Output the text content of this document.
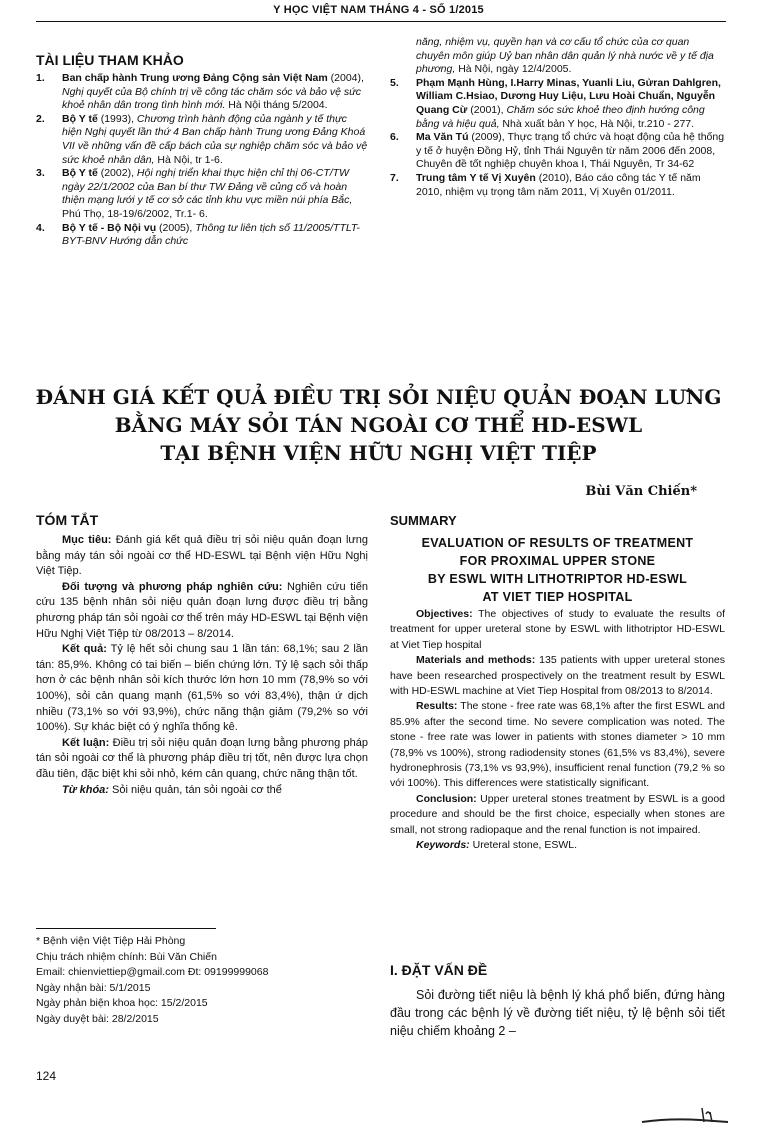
Y HỌC VIỆT NAM THÁNG 4 - SỐ 1/2015
TÀI LIỆU THAM KHẢO
1.	Ban chấp hành Trung ương Đảng Cộng sản Việt Nam (2004), Nghị quyết của Bộ chính trị về công tác chăm sóc và bảo vệ sức khoẻ nhân dân trong tình hình mới. Hà Nội tháng 5/2004.
2.	Bộ Y tế (1993), Chương trình hành động của ngành y tế thực hiện Nghị quyết lần thứ 4 Ban chấp hành Trung ương Đảng Khoá VII về những vấn đề cấp bách của sự nghiệp chăm sóc và bảo vệ sức khoẻ nhân dân, Hà Nội, tr 1-6.
3.	Bộ Y tế (2002), Hội nghị triển khai thực hiện chỉ thị 06-CT/TW ngày 22/1/2002 của Ban bí thư TW Đảng về củng cố và hoàn thiện mạng lưới y tế cơ sở các tỉnh khu vực miền núi phía Bắc, Phú Thọ, 18-19/6/2002, Tr.1- 6.
4.	Bộ Y tế - Bộ Nội vụ (2005), Thông tư liên tịch số 11/2005/TTLT-BYT-BNV Hướng dẫn chức
năng, nhiệm vụ, quyền hạn và cơ cấu tổ chức của cơ quan chuyên môn giúp Uỷ ban nhân dân quản lý nhà nước về y tế địa phương, Hà Nội, ngày 12/4/2005.
5.	Phạm Mạnh Hùng, I.Harry Minas, Yuanli Liu, Gửran Dahlgren, William C.Hsiao, Dương Huy Liệu, Lưu Hoài Chuẩn, Nguyễn Quang Cừ (2001), Chăm sóc sức khoẻ theo định hướng công bằng và hiệu quả, Nhà xuất bản Y học, Hà Nội, tr.210 - 277.
6.	Ma Văn Tú (2009), Thực trạng tổ chức và hoạt động của hệ thống y tế ở huyện Đồng Hỷ, tỉnh Thái Nguyên từ năm 2006 đến 2008, Chuyên đề tốt nghiệp chuyên khoa I, Thái Nguyên, Tr 34-62
7.	Trung tâm Y tế Vị Xuyên (2010), Báo cáo công tác Y tế năm 2010, nhiệm vụ trọng tâm năm 2011, Vị Xuyên 01/2011.
ĐÁNH GIÁ KẾT QUẢ ĐIỀU TRỊ SỎI NIỆU QUẢN ĐOẠN LƯNG
BẰNG MÁY SỎI TÁN NGOÀI CƠ THỂ HD-ESWL
TẠI BỆNH VIỆN HỮU NGHỊ VIỆT TIỆP
Bùi Văn Chiến*
TÓM TẮT

Mục tiêu: Đánh giá kết quả điều trị sỏi niệu quản đoạn lưng bằng máy tán sỏi ngoài cơ thể HD-ESWL tại Bệnh viện Hữu Nghị Việt Tiệp.

Đối tượng và phương pháp nghiên cứu: Nghiên cứu tiến cứu 135 bệnh nhân sỏi niệu quản đoạn lưng được điều trị bằng phương pháp tán sỏi ngoài cơ thể trên máy HD-ESWL tại Bệnh viện Hữu Nghị Việt Tiệp từ 08/2013 – 8/2014.

Kết quả: Tỷ lệ hết sỏi chung sau 1 lần tán: 68,1%; sau 2 lần tán: 85,9%. Không có tai biến – biến chứng lớn. Tỷ lệ sạch sỏi thấp hơn ở các bệnh nhân sỏi kích thước lớn hơn 10 mm (78,9% so với 100%), sỏi cản quang mạnh (61,5% so với 83,4%), thận ứ dịch nhiều (73,1% so với 93,9%), chức năng thận giảm (79,2% so với 100%). Sự khác biệt có ý nghĩa thống kê.

Kết luận: Điều trị sỏi niệu quản đoạn lưng bằng phương pháp tán sỏi ngoài cơ thể là phương pháp điều trị tốt, nên được lựa chọn đầu tiên, đặc biệt khi sỏi nhỏ, kém cản quang, chức năng thận tốt.

Từ khóa: Sỏi niệu quản, tán sỏi ngoài cơ thể

* Bệnh viện Việt Tiệp Hải Phòng
Chịu trách nhiệm chính: Bùi Văn Chiến
Email: chienviettiep@gmail.com Đt: 09199999068
Ngày nhận bài: 5/1/2015
Ngày phản biện khoa học: 15/2/2015
Ngày duyệt bài: 28/2/2015
SUMMARY
EVALUATION OF RESULTS OF TREATMENT
FOR PROXIMAL UPPER STONE
BY ESWL WITH LITHOTRIPTOR HD-ESWL
AT VIET TIEP HOSPITAL

Objectives: The objectives of study to evaluate the results of treatment for upper ureteral stone by ESWL with lithotriptor HD-ESWL at Viet Tiep hospital

Materials and methods: 135 patients with upper ureteral stones have been researched prospectively on the treatment result by ESWL with HD-ESWL machine at Viet Tiep Hospital from 08/2013 to 8/2014.

Results: The stone - free rate was 68,1% after the first ESWL and 85.9% after the second time. No severe complication was noted. The stone - free rate was lower in patients with stones diameter > 10 mm (78,9% vs 100%), strong radiodensity stones (61,5% vs 83,4%), severe hydronephrosis (73,1% vs 93,9%), insufficient renal function (79,2 % so với 100%). This differences were statistically significant.

Conclusion: Upper ureteral stones treatment by ESWL is a good procedure and should be the first choice, especially when stones are small, not strong radiopaque and the renal function is not impaired.

Keywords: Ureteral stone, ESWL.

I. ĐẶT VẤN ĐỀ
Sỏi đường tiết niệu là bệnh lý khá phổ biến, đứng hàng đầu trong các bệnh lý về đường tiết niệu, tỷ lệ bệnh sỏi tiết niệu chiếm khoảng 2 –
124
